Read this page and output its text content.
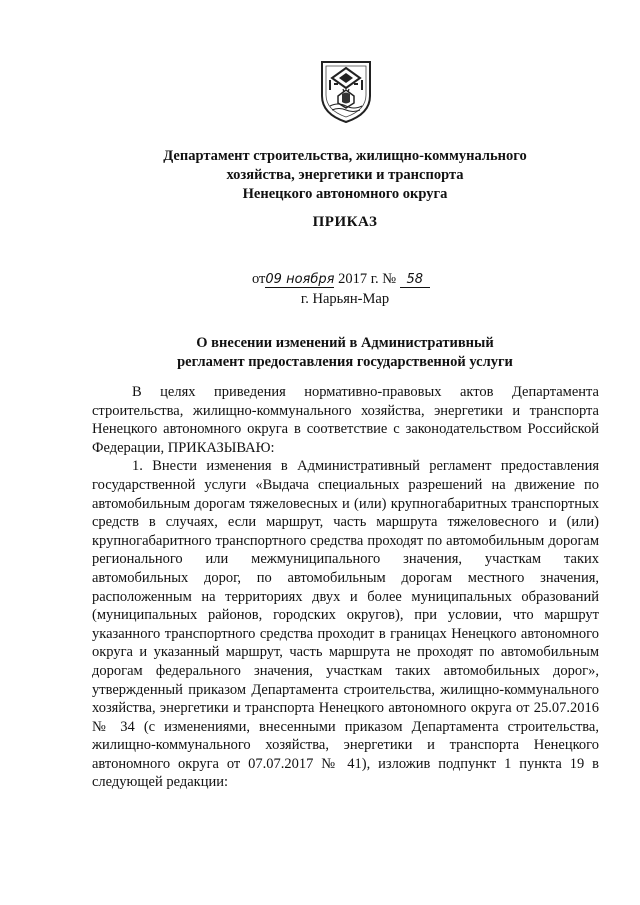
Департамент строительства, жилищно-коммунального
хозяйства, энергетики и транспорта
Ненецкого автономного округа
ПРИКАЗ
от09 ноября 2017 г. № 58
г. Нарьян-Мар
О внесении изменений в Административный
регламент предоставления государственной услуги

В целях приведения нормативно-правовых актов Департамента строительства, жилищно-коммунального хозяйства, энергетики и транспорта Ненецкого автономного округа в соответствие с законодательством Российской Федерации, ПРИКАЗЫВАЮ:

1. Внести изменения в Административный регламент предоставления государственной услуги «Выдача специальных разрешений на движение по автомобильным дорогам тяжеловесных и (или) крупногабаритных транспортных средств в случаях, если маршрут, часть маршрута тяжеловесного и (или) крупногабаритного транспортного средства проходят по автомобильным дорогам регионального или межмуниципального значения, участкам таких автомобильных дорог, по автомобильным дорогам местного значения, расположенным на территориях двух и более муниципальных образований (муниципальных районов, городских округов), при условии, что маршрут указанного транспортного средства проходит в границах Ненецкого автономного округа и указанный маршрут, часть маршрута не проходят по автомобильным дорогам федерального значения, участкам таких автомобильных дорог», утвержденный приказом Департамента строительства, жилищно-коммунального хозяйства, энергетики и транспорта Ненецкого автономного округа от 25.07.2016 № 34 (с изменениями, внесенными приказом Департамента строительства, жилищно-коммунального хозяйства, энергетики и транспорта Ненецкого автономного округа от 07.07.2017 № 41), изложив подпункт 1 пункта 19 в следующей редакции:
